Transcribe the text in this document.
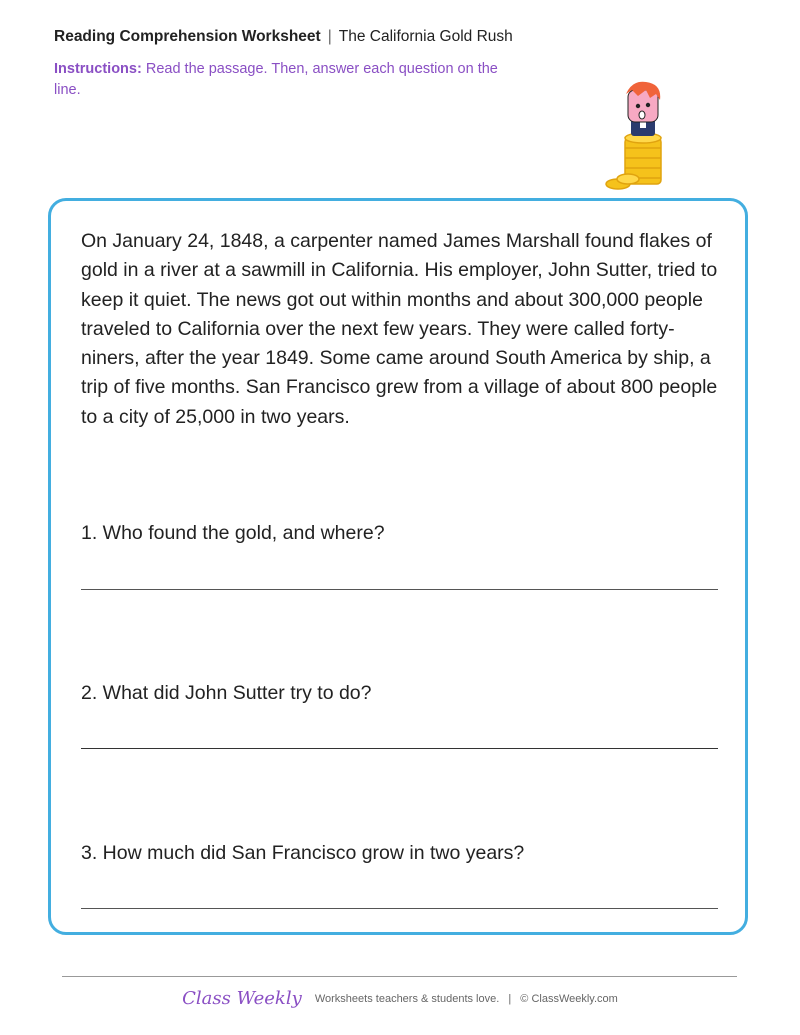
Reading Comprehension Worksheet | The California Gold Rush
Instructions: Read the passage. Then, answer each question on the line.
On January 24, 1848, a carpenter named James Marshall found flakes of gold in a river at a sawmill in California. His employer, John Sutter, tried to keep it quiet. The news got out within months and about 300,000 people traveled to California over the next few years. They were called forty-niners, after the year 1849. Some came around South America by ship, a trip of five months. San Francisco grew from a village of about 800 people to a city of 25,000 in two years.
1. Who found the gold, and where?
2. What did John Sutter try to do?
3. How much did San Francisco grow in two years?
Class Weekly Worksheets teachers & students love. | © ClassWeekly.com
